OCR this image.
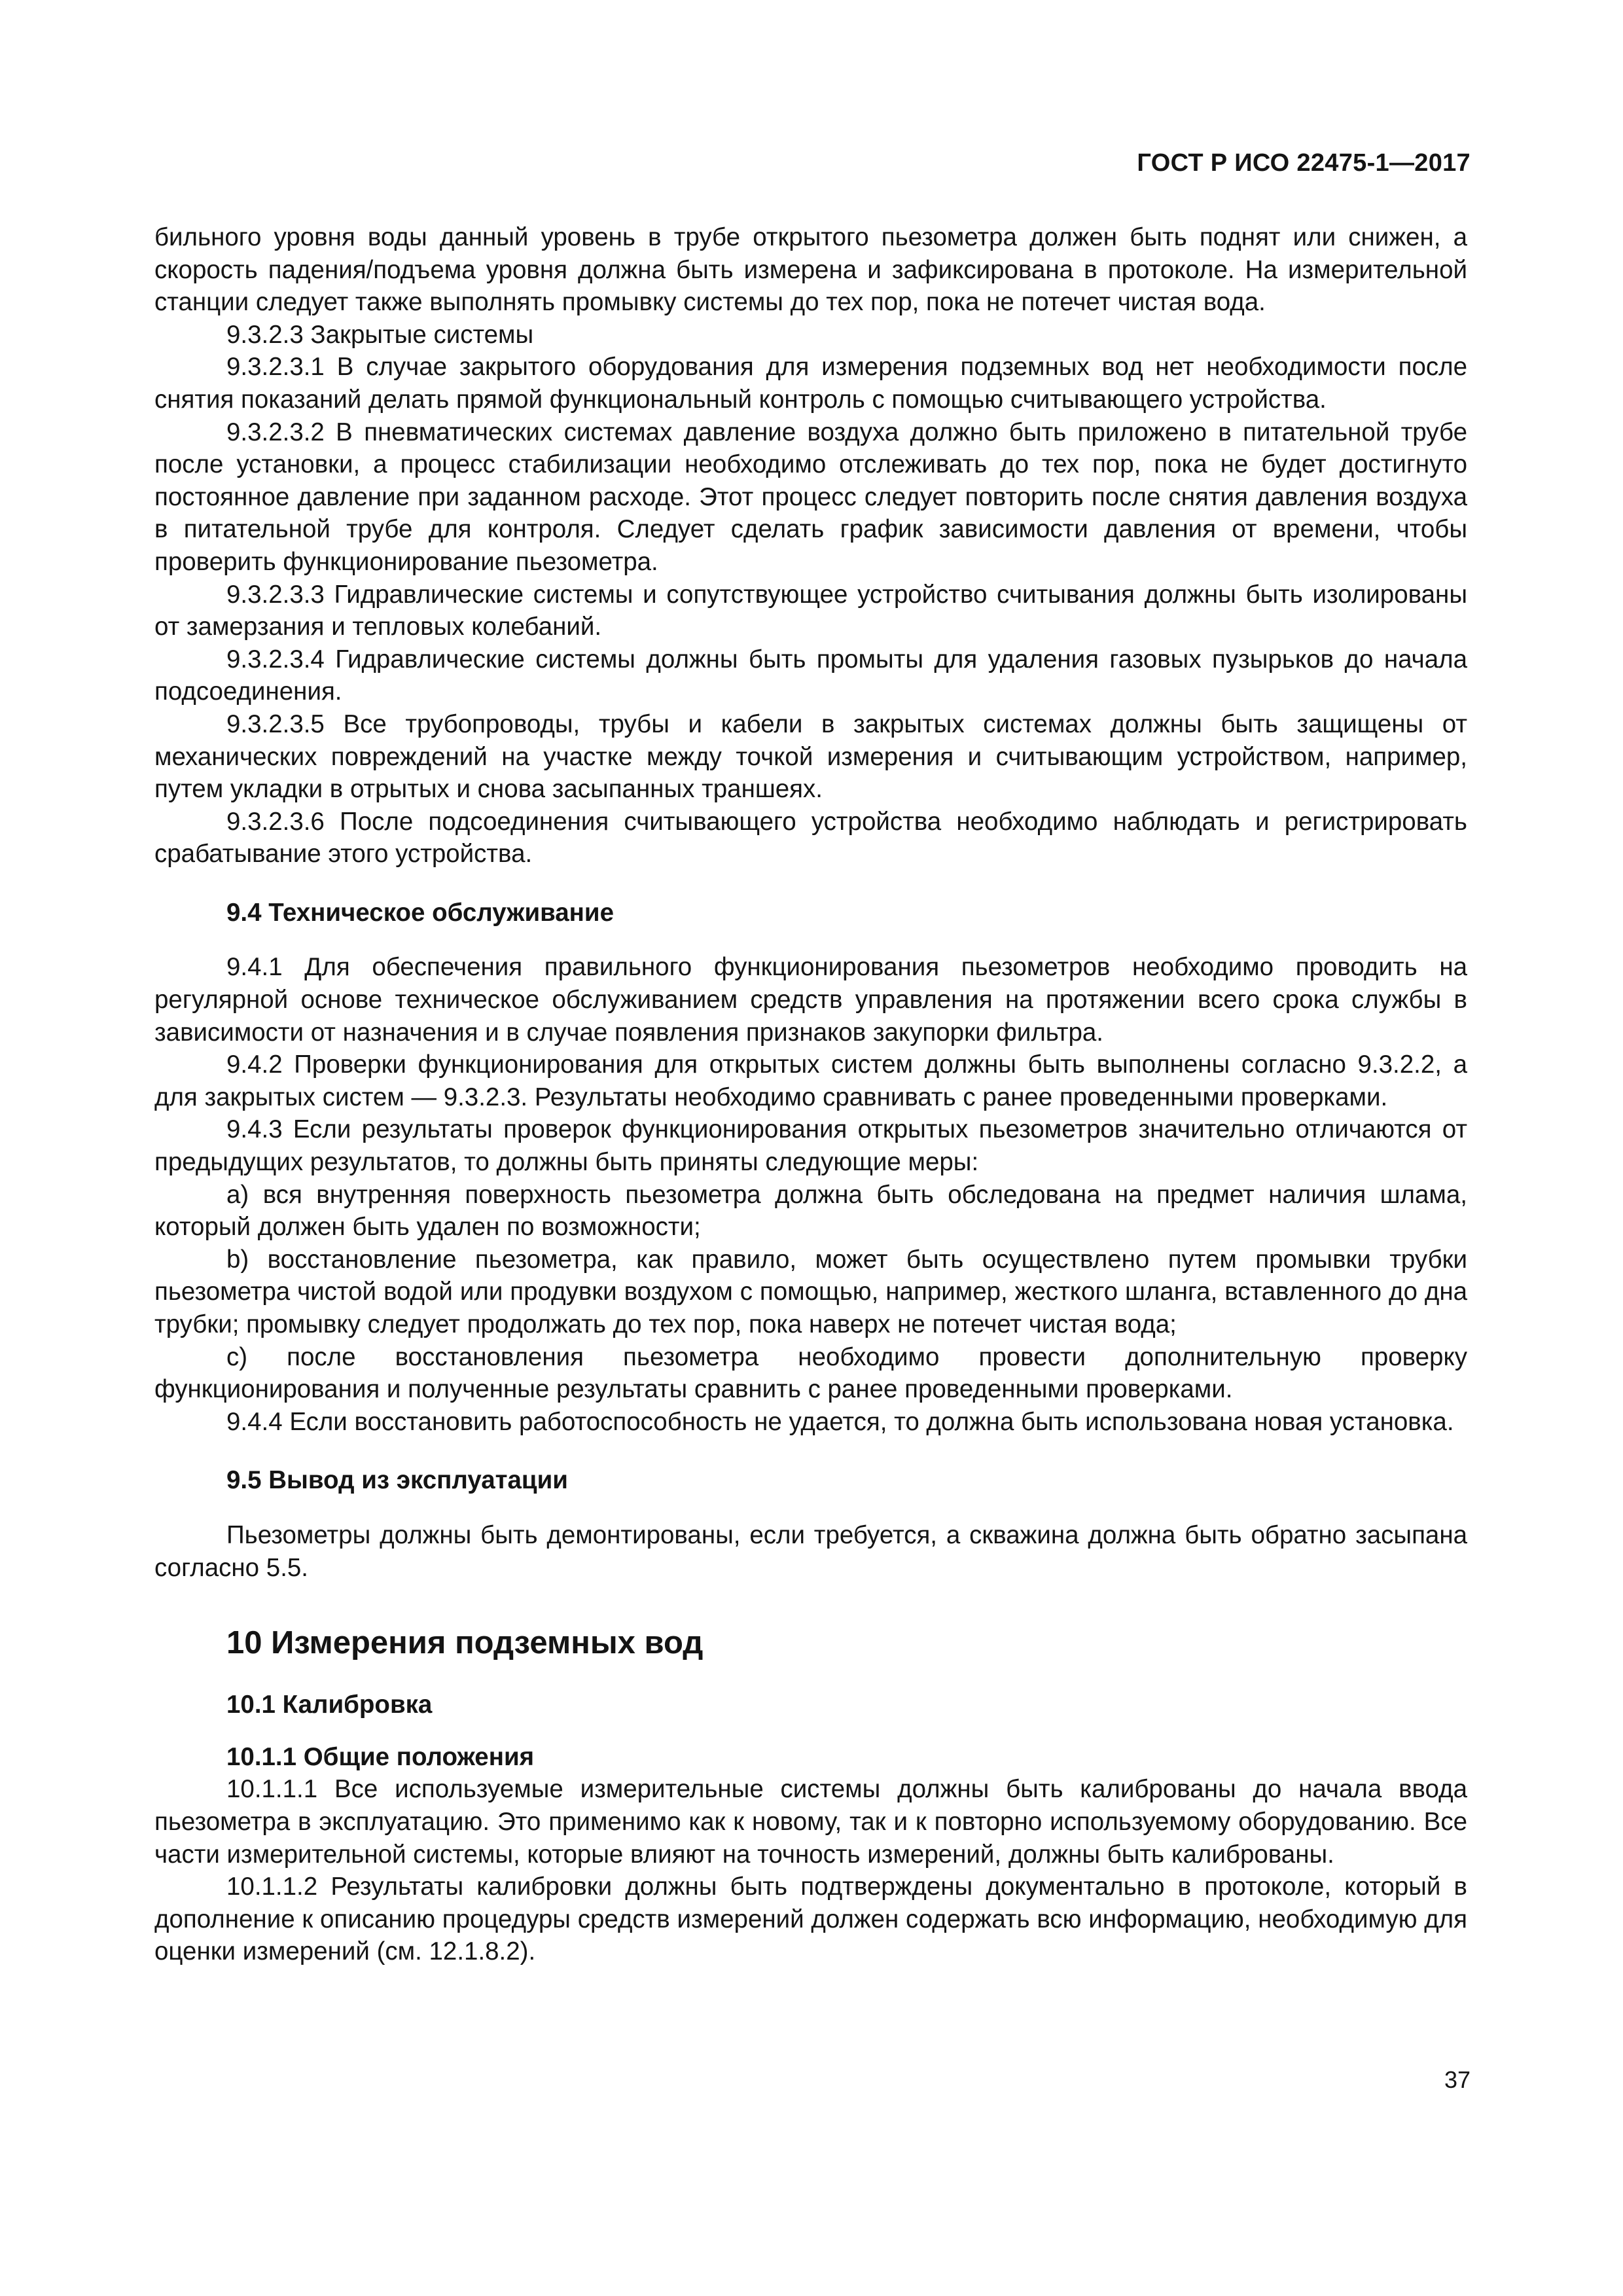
ГОСТ Р ИСО 22475-1—2017

бильного уровня воды данный уровень в трубе открытого пьезометра должен быть поднят или снижен, а скорость падения/подъема уровня должна быть измерена и зафиксирована в протоколе. На измерительной станции следует также выполнять промывку системы до тех пор, пока не потечет чистая вода.

9.3.2.3 Закрытые системы

9.3.2.3.1 В случае закрытого оборудования для измерения подземных вод нет необходимости после снятия показаний делать прямой функциональный контроль с помощью считывающего устройства.

9.3.2.3.2 В пневматических системах давление воздуха должно быть приложено в питательной трубе после установки, а процесс стабилизации необходимо отслеживать до тех пор, пока не будет достигнуто постоянное давление при заданном расходе. Этот процесс следует повторить после снятия давления воздуха в питательной трубе для контроля. Следует сделать график зависимости давления от времени, чтобы проверить функционирование пьезометра.

9.3.2.3.3 Гидравлические системы и сопутствующее устройство считывания должны быть изолированы от замерзания и тепловых колебаний.

9.3.2.3.4 Гидравлические системы должны быть промыты для удаления газовых пузырьков до начала подсоединения.

9.3.2.3.5 Все трубопроводы, трубы и кабели в закрытых системах должны быть защищены от механических повреждений на участке между точкой измерения и считывающим устройством, например, путем укладки в отрытых и снова засыпанных траншеях.

9.3.2.3.6 После подсоединения считывающего устройства необходимо наблюдать и регистрировать срабатывание этого устройства.

9.4 Техническое обслуживание

9.4.1 Для обеспечения правильного функционирования пьезометров необходимо проводить на регулярной основе техническое обслуживанием средств управления на протяжении всего срока службы в зависимости от назначения и в случае появления признаков закупорки фильтра.

9.4.2 Проверки функционирования для открытых систем должны быть выполнены согласно 9.3.2.2, а для закрытых систем — 9.3.2.3. Результаты необходимо сравнивать с ранее проведенными проверками.

9.4.3 Если результаты проверок функционирования открытых пьезометров значительно отличаются от предыдущих результатов, то должны быть приняты следующие меры:

a) вся внутренняя поверхность пьезометра должна быть обследована на предмет наличия шлама, который должен быть удален по возможности;

b) восстановление пьезометра, как правило, может быть осуществлено путем промывки трубки пьезометра чистой водой или продувки воздухом с помощью, например, жесткого шланга, вставленного до дна трубки; промывку следует продолжать до тех пор, пока наверх не потечет чистая вода;

c) после восстановления пьезометра необходимо провести дополнительную проверку функционирования и полученные результаты сравнить с ранее проведенными проверками.

9.4.4 Если восстановить работоспособность не удается, то должна быть использована новая установка.

9.5 Вывод из эксплуатации

Пьезометры должны быть демонтированы, если требуется, а скважина должна быть обратно засыпана согласно 5.5.

10 Измерения подземных вод
10.1 Калибровка
10.1.1 Общие положения

10.1.1.1 Все используемые измерительные системы должны быть калиброваны до начала ввода пьезометра в эксплуатацию. Это применимо как к новому, так и к повторно используемому оборудованию. Все части измерительной системы, которые влияют на точность измерений, должны быть калиброваны.

10.1.1.2 Результаты калибровки должны быть подтверждены документально в протоколе, который в дополнение к описанию процедуры средств измерений должен содержать всю информацию, необходимую для оценки измерений (см. 12.1.8.2).

37
